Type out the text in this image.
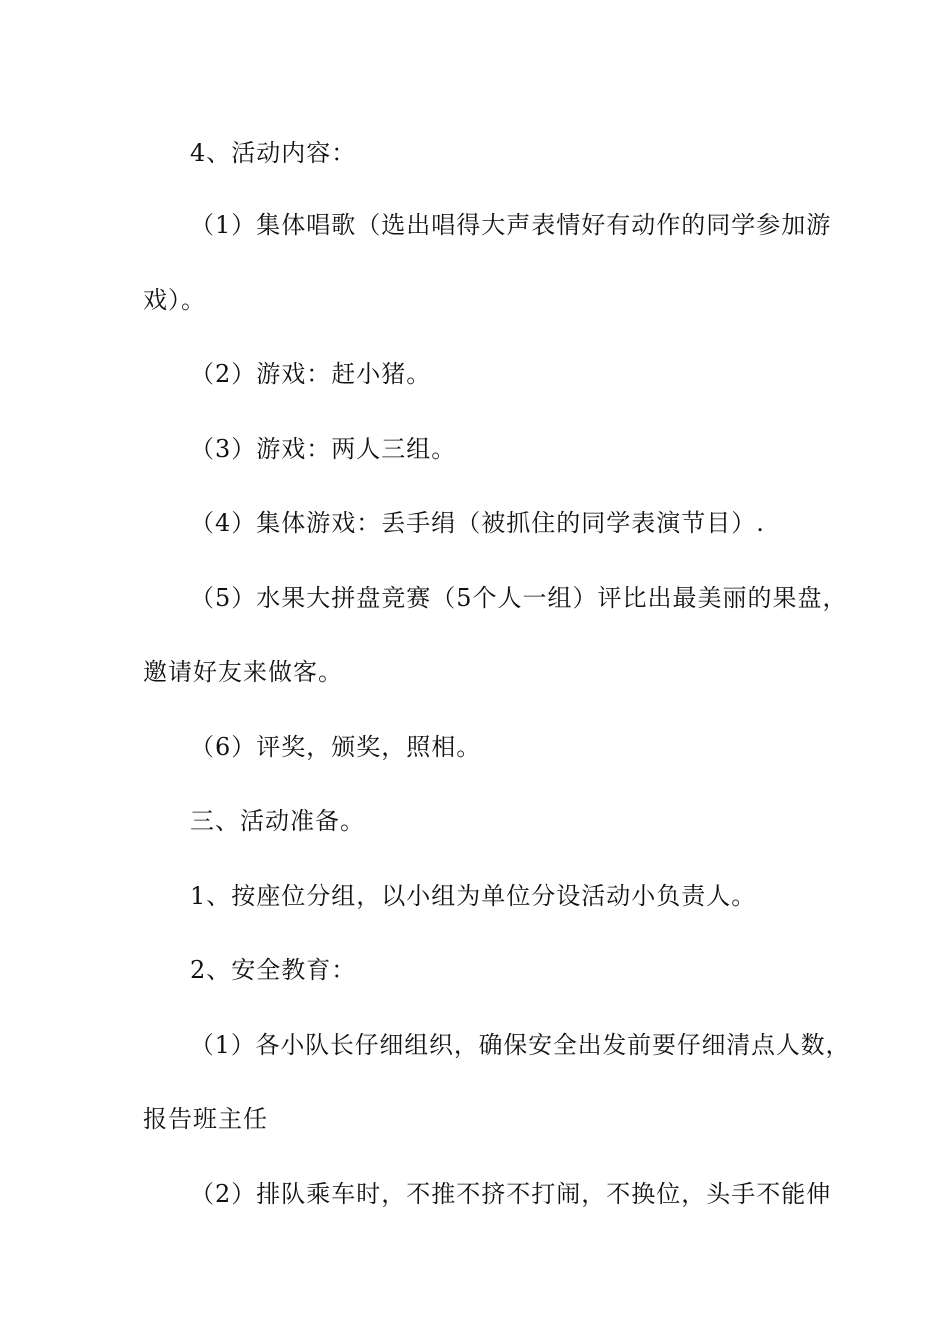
4、活动内容：
（1）集体唱歌（选出唱得大声表情好有动作的同学参加游
戏）。
（2）游戏：赶小猪。
（3）游戏：两人三组。
（4）集体游戏：丢手绢（被抓住的同学表演节目）.
（5）水果大拼盘竞赛（5个人一组）评比出最美丽的果盘，
邀请好友来做客。
（6）评奖，颁奖，照相。
三、活动准备。
1、按座位分组，以小组为单位分设活动小负责人。
2、安全教育：
（1）各小队长仔细组织，确保安全出发前要仔细清点人数，
报告班主任
（2）排队乘车时，不推不挤不打闹，不换位，头手不能伸
